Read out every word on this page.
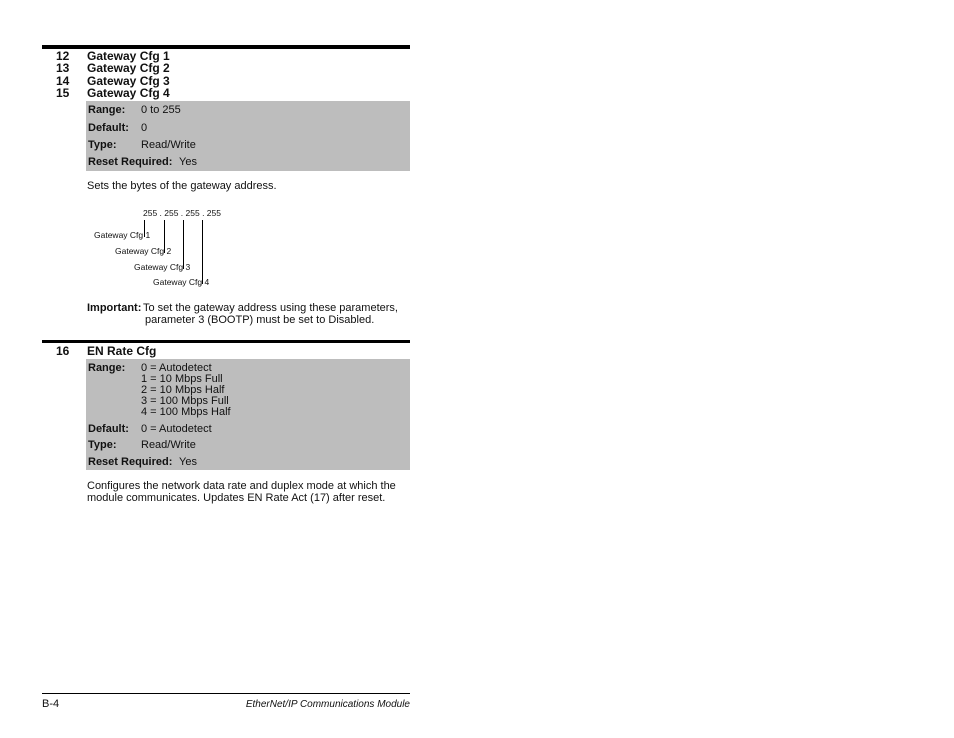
12 Gateway Cfg 1
13 Gateway Cfg 2
14 Gateway Cfg 3
15 Gateway Cfg 4
Range: 0 to 255
Default: 0
Type: Read/Write
Reset Required: Yes
Sets the bytes of the gateway address.
255 . 255 . 255 . 255
Gateway Cfg 1
Gateway Cfg 2
Gateway Cfg 3
Gateway Cfg 4
Important: To set the gateway address using these parameters,
parameter 3 (BOOTP) must be set to Disabled.
16 EN Rate Cfg
Range: 0 = Autodetect
1 = 10 Mbps Full
2 = 10 Mbps Half
3 = 100 Mbps Full
4 = 100 Mbps Half
Default: 0 = Autodetect
Type: Read/Write
Reset Required: Yes
Configures the network data rate and duplex mode at which the
module communicates. Updates EN Rate Act (17) after reset.
B-4	EtherNet/IP Communications Module
